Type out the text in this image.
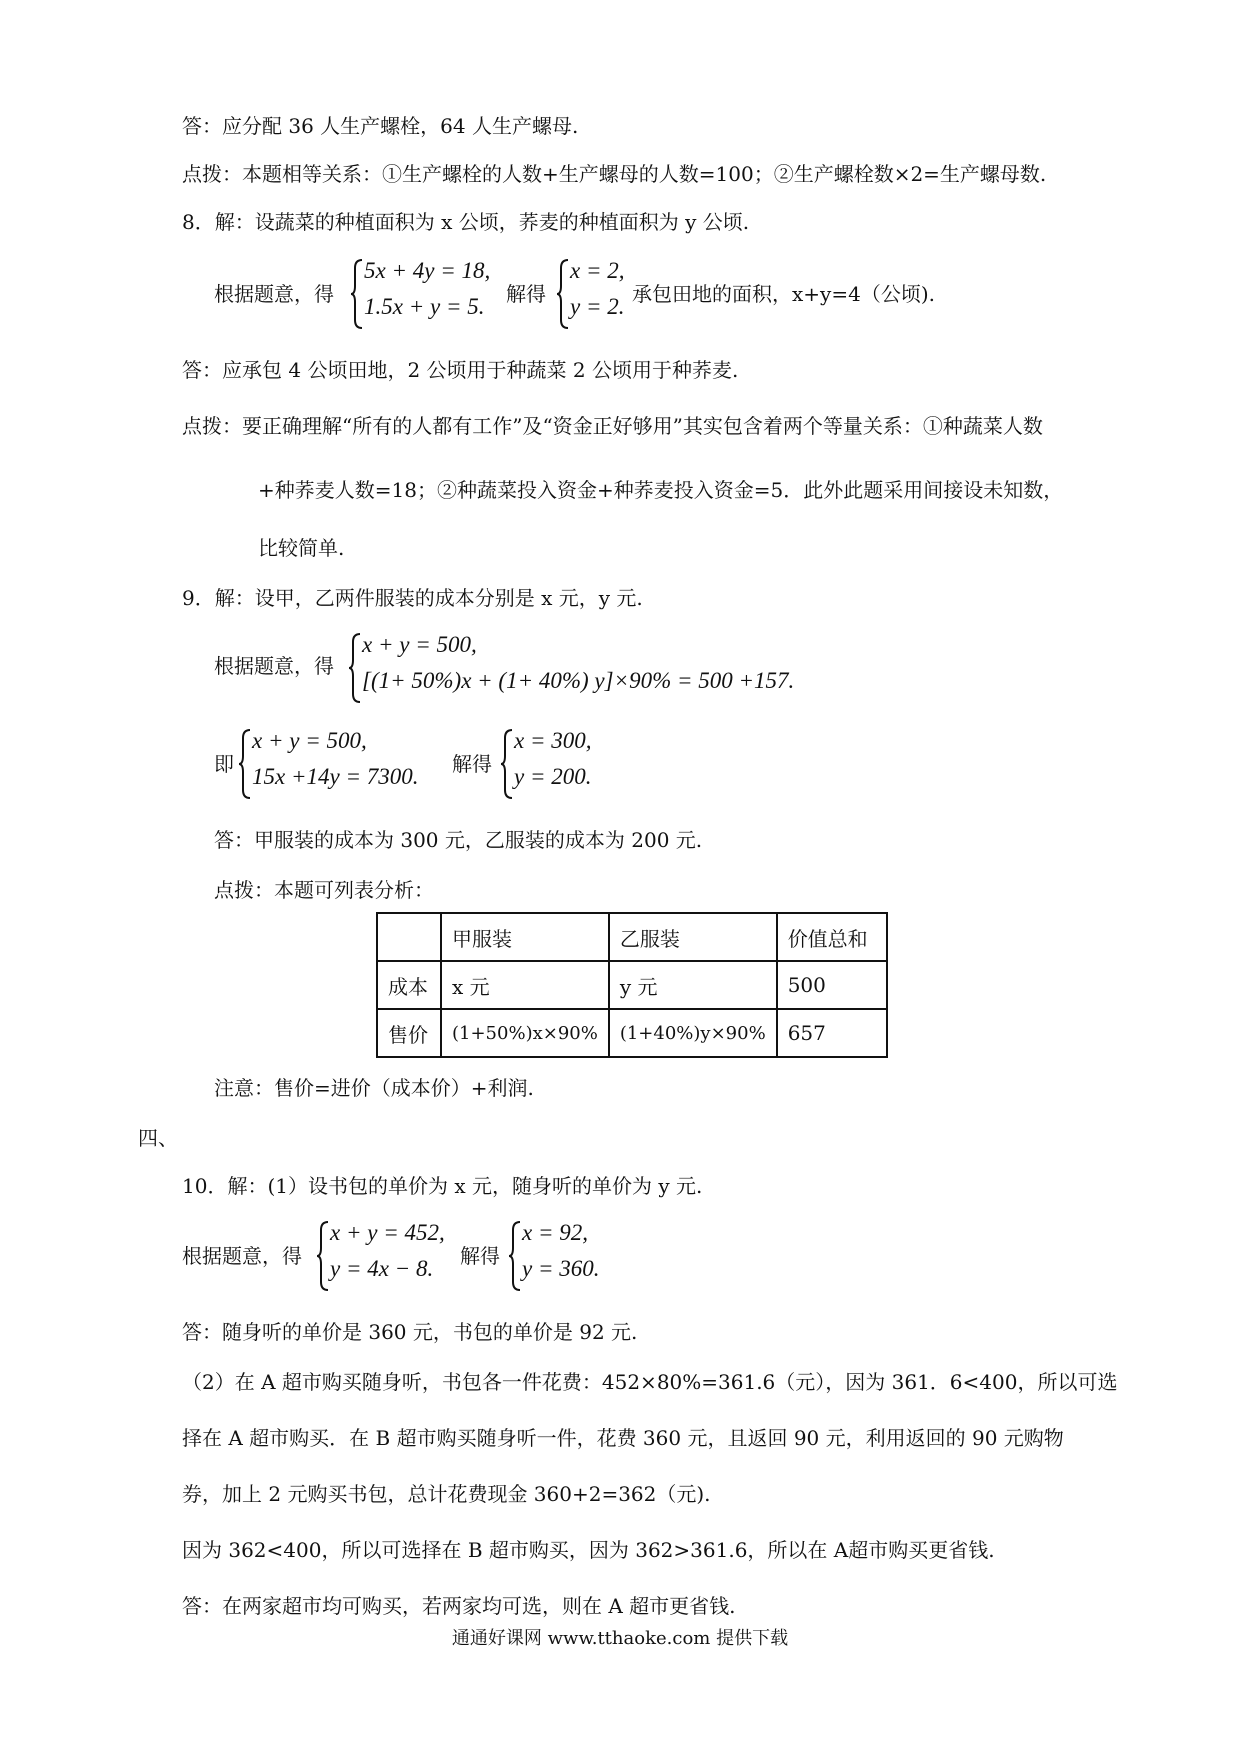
答：应分配 36 人生产螺栓，64 人生产螺母.
点拨：本题相等关系：①生产螺栓的人数+生产螺母的人数=100；②生产螺栓数×2=生产螺母数.
8．解：设蔬菜的种植面积为 x 公顷，荞麦的种植面积为 y 公顷.
根据题意，得
5x + 4y = 18,
1.5x + y = 5. 解得
x = 2,
y = 2. 承包田地的面积，x+y=4（公顷).
答：应承包 4 公顷田地，2 公顷用于种蔬菜 2 公顷用于种荞麦.
点拨：要正确理解“所有的人都有工作”及“资金正好够用”其实包含着两个等量关系：①种蔬菜人数
+种荞麦人数=18；②种蔬菜投入资金+种荞麦投入资金=5．此外此题采用间接设未知数，
比较简单.
9．解：设甲，乙两件服装的成本分别是 x 元，y 元.
根据题意，得
x + y = 500,
[(1+ 50%)x + (1+ 40%) y]×90% = 500 +157.
即
x + y = 500,
15x +14y = 7300. 解得
x = 300,
y = 200.
答：甲服装的成本为 300 元，乙服装的成本为 200 元.
点拨：本题可列表分析：
	甲服装	乙服装	价值总和
成本	x 元	y 元	500
售价	(1+50%)x×90%	(1+40%)y×90%	657
注意：售价=进价（成本价）+利润.
四、
10．解：(1）设书包的单价为 x 元，随身听的单价为 y 元.
根据题意，得
x + y = 452,
y = 4x − 8. 解得
x = 92,
y = 360.
答：随身听的单价是 360 元，书包的单价是 92 元.
（2）在 A 超市购买随身听，书包各一件花费：452×80%=361.6（元），因为 361．6<400，所以可选
择在 A 超市购买．在 B 超市购买随身听一件，花费 360 元，且返回 90 元，利用返回的 90 元购物
券，加上 2 元购买书包，总计花费现金 360+2=362（元).
因为 362<400，所以可选择在 B 超市购买，因为 362>361.6，所以在 A超市购买更省钱.
答：在两家超市均可购买，若两家均可选，则在 A 超市更省钱.
通通好课网 www.tthaoke.com 提供下载
